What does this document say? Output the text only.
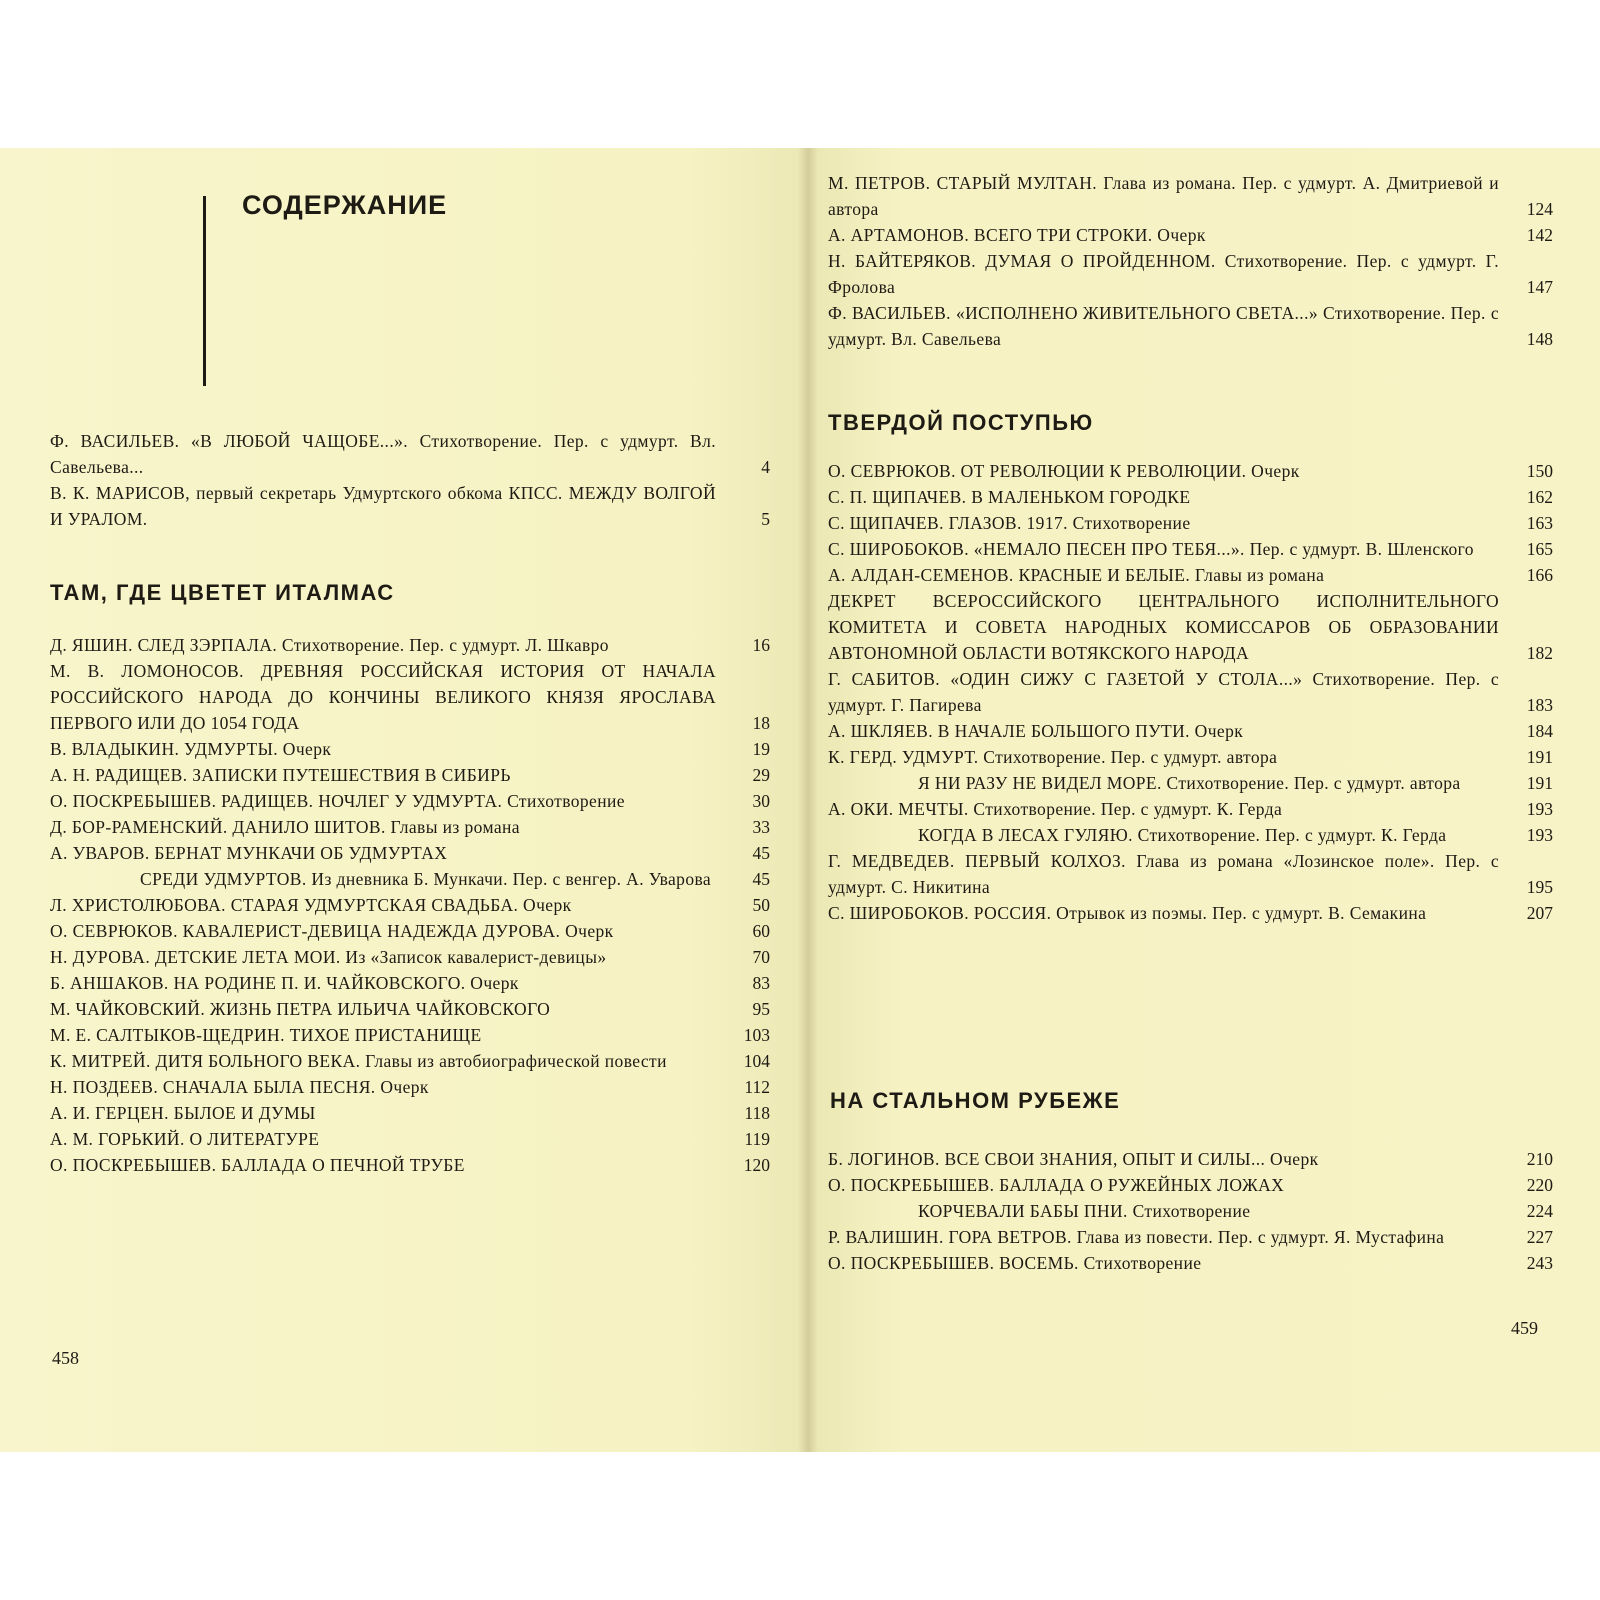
СОДЕРЖАНИЕ
Ф. ВАСИЛЬЕВ. «В ЛЮБОЙ ЧАЩОБЕ...». Стихотворение. Пер. с удмурт. Вл. Савельева...	4
В. К. МАРИСОВ, первый секретарь Удмуртского обкома КПСС. МЕЖДУ ВОЛГОЙ И УРАЛОМ.	5
ТАМ, ГДЕ ЦВЕТЕТ ИТАЛМАС
Д. ЯШИН. СЛЕД ЗЭРПАЛА. Стихотворение. Пер. с удмурт. Л. Шкавро	16
М. В. ЛОМОНОСОВ. ДРЕВНЯЯ РОССИЙСКАЯ ИСТОРИЯ ОТ НАЧАЛА РОССИЙСКОГО НАРОДА ДО КОНЧИНЫ ВЕЛИКОГО КНЯЗЯ ЯРОСЛАВА ПЕРВОГО ИЛИ ДО 1054 ГОДА	18
В. ВЛАДЫКИН. УДМУРТЫ. Очерк	19
А. Н. РАДИЩЕВ. ЗАПИСКИ ПУТЕШЕСТВИЯ В СИБИРЬ	29
О. ПОСКРЕБЫШЕВ. РАДИЩЕВ. НОЧЛЕГ У УДМУРТА. Стихотворение	30
Д. БОР-РАМЕНСКИЙ. ДАНИЛО ШИТОВ. Главы из романа	33
А. УВАРОВ. БЕРНАТ МУНКАЧИ ОБ УДМУРТАХ	45
СРЕДИ УДМУРТОВ. Из дневника Б. Мункачи. Пер. с венгер. А. Уварова	45
Л. ХРИСТОЛЮБОВА. СТАРАЯ УДМУРТСКАЯ СВАДЬБА. Очерк	50
О. СЕВРЮКОВ. КАВАЛЕРИСТ-ДЕВИЦА НАДЕЖДА ДУРОВА. Очерк	60
Н. ДУРОВА. ДЕТСКИЕ ЛЕТА МОИ. Из «Записок кавалерист-девицы»	70
Б. АНШАКОВ. НА РОДИНЕ П. И. ЧАЙКОВСКОГО. Очерк	83
М. ЧАЙКОВСКИЙ. ЖИЗНЬ ПЕТРА ИЛЬИЧА ЧАЙКОВСКОГО	95
М. Е. САЛТЫКОВ-ЩЕДРИН. ТИХОЕ ПРИСТАНИЩЕ	103
К. МИТРЕЙ. ДИТЯ БОЛЬНОГО ВЕКА. Главы из автобиографической повести	104
Н. ПОЗДЕЕВ. СНАЧАЛА БЫЛА ПЕСНЯ. Очерк	112
А. И. ГЕРЦЕН. БЫЛОЕ И ДУМЫ	118
А. М. ГОРЬКИЙ. О ЛИТЕРАТУРЕ	119
О. ПОСКРЕБЫШЕВ. БАЛЛАДА О ПЕЧНОЙ ТРУБЕ	120
458
М. ПЕТРОВ. СТАРЫЙ МУЛТАН. Глава из романа. Пер. с удмурт. А. Дмитриевой и автора	124
А. АРТАМОНОВ. ВСЕГО ТРИ СТРОКИ. Очерк	142
Н. БАЙТЕРЯКОВ. ДУМАЯ О ПРОЙДЕННОМ. Стихотворение. Пер. с удмурт. Г. Фролова	147
Ф. ВАСИЛЬЕВ. «ИСПОЛНЕНО ЖИВИТЕЛЬНОГО СВЕТА...» Стихотворение. Пер. с удмурт. Вл. Савельева	148
ТВЕРДОЙ ПОСТУПЬЮ
О. СЕВРЮКОВ. ОТ РЕВОЛЮЦИИ К РЕВОЛЮЦИИ. Очерк	150
С. П. ЩИПАЧЕВ. В МАЛЕНЬКОМ ГОРОДКЕ	162
С. ЩИПАЧЕВ. ГЛАЗОВ. 1917. Стихотворение	163
С. ШИРОБОКОВ. «НЕМАЛО ПЕСЕН ПРО ТЕБЯ...». Пер. с удмурт. В. Шленского	165
А. АЛДАН-СЕМЕНОВ. КРАСНЫЕ И БЕЛЫЕ. Главы из романа	166
ДЕКРЕТ ВСЕРОССИЙСКОГО ЦЕНТРАЛЬНОГО ИСПОЛНИТЕЛЬНОГО КОМИТЕТА И СОВЕТА НАРОДНЫХ КОМИССАРОВ ОБ ОБРАЗОВАНИИ АВТОНОМНОЙ ОБЛАСТИ ВОТЯКСКОГО НАРОДА	182
Г. САБИТОВ. «ОДИН СИЖУ С ГАЗЕТОЙ У СТОЛА...» Стихотворение. Пер. с удмурт. Г. Пагирева	183
А. ШКЛЯЕВ. В НАЧАЛЕ БОЛЬШОГО ПУТИ. Очерк	184
К. ГЕРД. УДМУРТ. Стихотворение. Пер. с удмурт. автора	191
Я НИ РАЗУ НЕ ВИДЕЛ МОРЕ. Стихотворение. Пер. с удмурт. автора	191
А. ОКИ. МЕЧТЫ. Стихотворение. Пер. с удмурт. К. Герда	193
КОГДА В ЛЕСАХ ГУЛЯЮ. Стихотворение. Пер. с удмурт. К. Герда	193
Г. МЕДВЕДЕВ. ПЕРВЫЙ КОЛХОЗ. Глава из романа «Лозинское поле». Пер. с удмурт. С. Никитина	195
С. ШИРОБОКОВ. РОССИЯ. Отрывок из поэмы. Пер. с удмурт. В. Семакина	207
НА СТАЛЬНОМ РУБЕЖЕ
Б. ЛОГИНОВ. ВСЕ СВОИ ЗНАНИЯ, ОПЫТ И СИЛЫ... Очерк	210
О. ПОСКРЕБЫШЕВ. БАЛЛАДА О РУЖЕЙНЫХ ЛОЖАХ	220
КОРЧЕВАЛИ БАБЫ ПНИ. Стихотворение	224
Р. ВАЛИШИН. ГОРА ВЕТРОВ. Глава из повести. Пер. с удмурт. Я. Мустафина	227
О. ПОСКРЕБЫШЕВ. ВОСЕМЬ. Стихотворение	243
459
